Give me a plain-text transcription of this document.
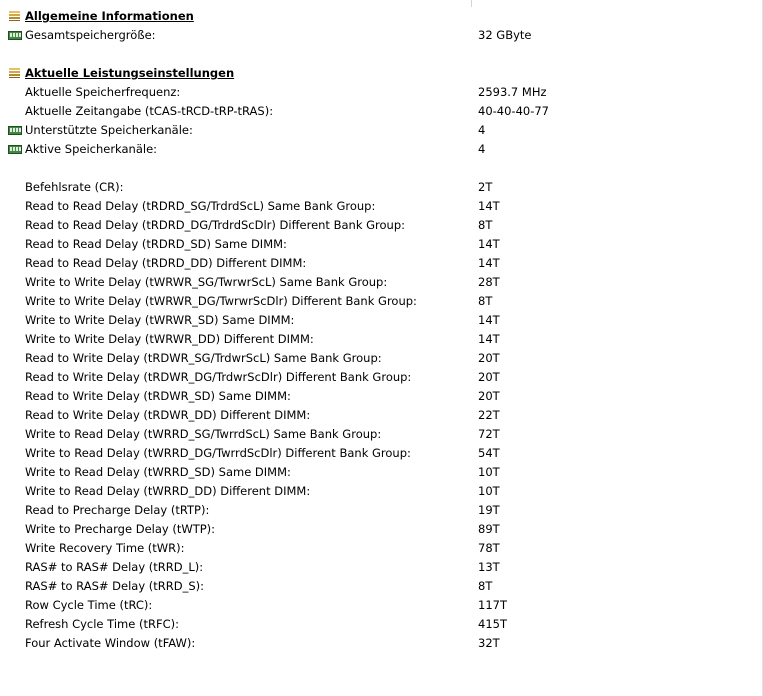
Allgemeine Informationen
Gesamtspeichergröße:	32 GByte
Aktuelle Leistungseinstellungen
Aktuelle Speicherfrequenz:	2593.7 MHz
Aktuelle Zeitangabe (tCAS-tRCD-tRP-tRAS):	40-40-40-77
Unterstützte Speicherkanäle:	4
Aktive Speicherkanäle:	4
Befehlsrate (CR):	2T
Read to Read Delay (tRDRD_SG/TrdrdScL) Same Bank Group:	14T
Read to Read Delay (tRDRD_DG/TrdrdScDlr) Different Bank Group:	8T
Read to Read Delay (tRDRD_SD) Same DIMM:	14T
Read to Read Delay (tRDRD_DD) Different DIMM:	14T
Write to Write Delay (tWRWR_SG/TwrwrScL) Same Bank Group:	28T
Write to Write Delay (tWRWR_DG/TwrwrScDlr) Different Bank Group:	8T
Write to Write Delay (tWRWR_SD) Same DIMM:	14T
Write to Write Delay (tWRWR_DD) Different DIMM:	14T
Read to Write Delay (tRDWR_SG/TrdwrScL) Same Bank Group:	20T
Read to Write Delay (tRDWR_DG/TrdwrScDlr) Different Bank Group:	20T
Read to Write Delay (tRDWR_SD) Same DIMM:	20T
Read to Write Delay (tRDWR_DD) Different DIMM:	22T
Write to Read Delay (tWRRD_SG/TwrrdScL) Same Bank Group:	72T
Write to Read Delay (tWRRD_DG/TwrrdScDlr) Different Bank Group:	54T
Write to Read Delay (tWRRD_SD) Same DIMM:	10T
Write to Read Delay (tWRRD_DD) Different DIMM:	10T
Read to Precharge Delay (tRTP):	19T
Write to Precharge Delay (tWTP):	89T
Write Recovery Time (tWR):	78T
RAS# to RAS# Delay (tRRD_L):	13T
RAS# to RAS# Delay (tRRD_S):	8T
Row Cycle Time (tRC):	117T
Refresh Cycle Time (tRFC):	415T
Four Activate Window (tFAW):	32T
